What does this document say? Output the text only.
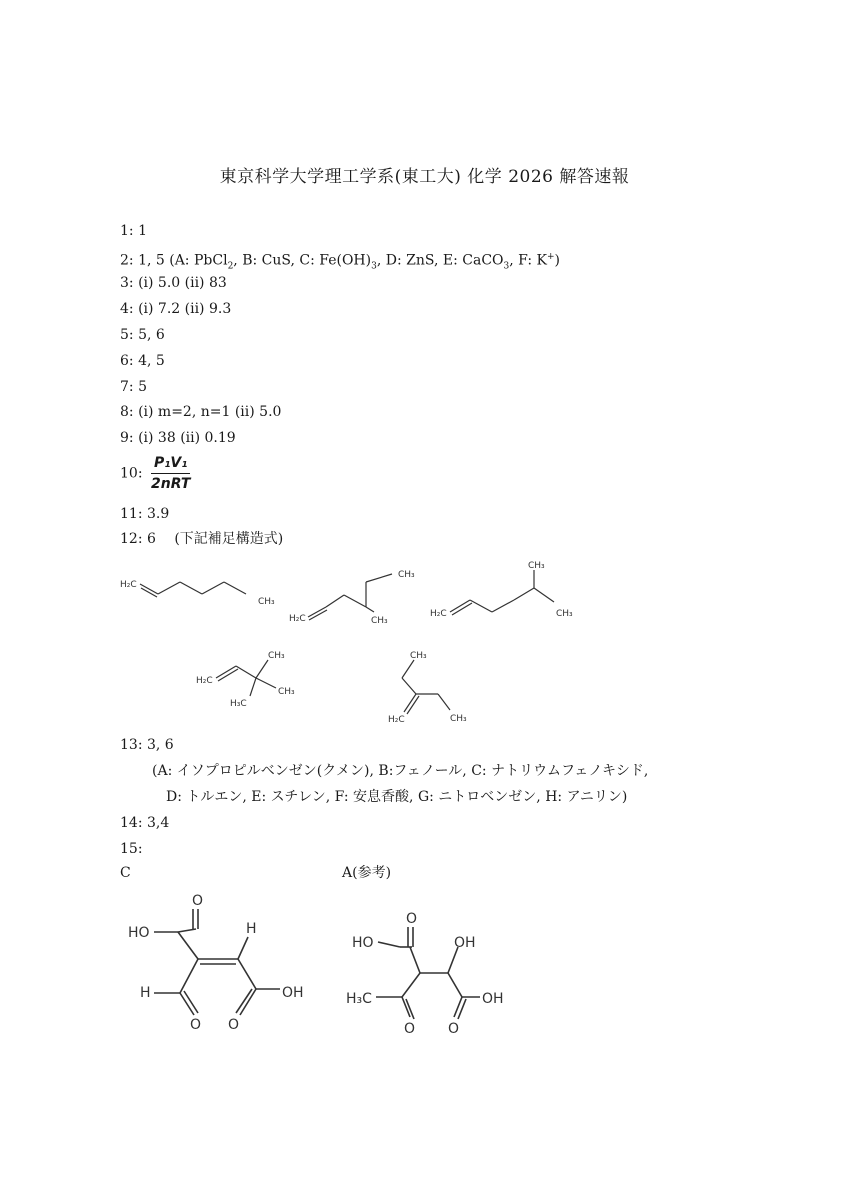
東京科学大学理工学系(東工大) 化学 2026 解答速報
1: 1
2: 1, 5 (A: PbCl$_2$, B: CuS, C: $Fe(OH)_3$, D: ZnS, E: CaCO$_3$, F: K+)
3: (i) 5.0 (ii) 83
4: (i) 7.2 (ii) 9.3
5: 5, 6
6: 4, 5
7: 5
8: (i) m=2, n=1 (ii) 5.0
9: (i) 38 (ii) 0.19
10: $\frac{\text{P₁V₁}}{\text{2nRT}}$
11: 3.9
12: 6 　(下記補足構造式)
H₂C
CH₃
H₂C
CH₃
CH₃
H₂C
CH₃
CH₃
H₂C
CH₃
CH₃
H₃C
CH₃
H₂C	CH₃
13: 3, 6
(A: イソプロピルベンゼン(クメン), B:フェノール, C: ナトリウムフェノキシド,
D: トルエン, E: スチレン, F: 安息香酸, G: ニトロベンゼン, H: アニリン)
14: 3,4
15:
C	A(参考)
O
HO	H
H
O O
OH
O
HO	OH
OH
O
H₃C
O
